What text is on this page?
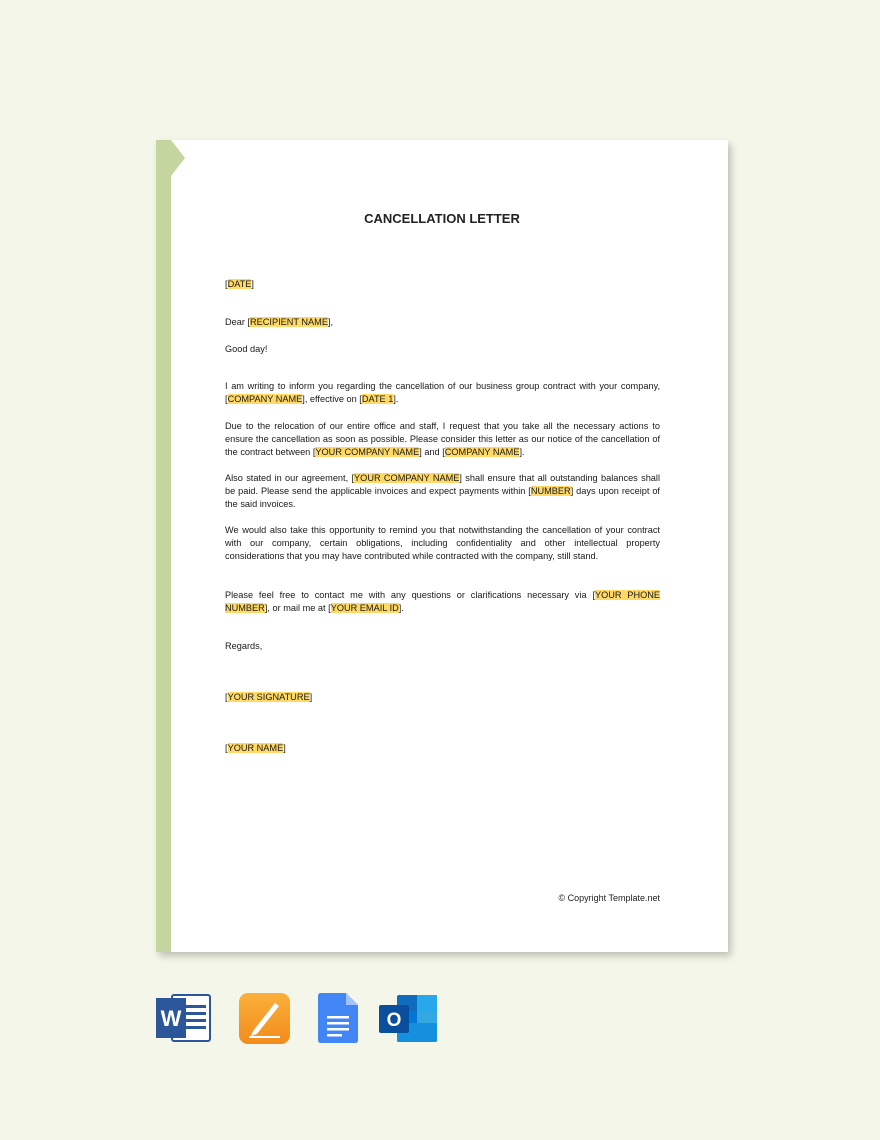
CANCELLATION LETTER
[DATE]
Dear [RECIPIENT NAME],
Good day!
I am writing to inform you regarding the cancellation of our business group contract with your company, [COMPANY NAME], effective on [DATE 1].
Due to the relocation of our entire office and staff, I request that you take all the necessary actions to ensure the cancellation as soon as possible. Please consider this letter as our notice of the cancellation of the contract between [YOUR COMPANY NAME] and [COMPANY NAME].
Also stated in our agreement, [YOUR COMPANY NAME] shall ensure that all outstanding balances shall be paid. Please send the applicable invoices and expect payments within [NUMBER] days upon receipt of the said invoices.
We would also take this opportunity to remind you that notwithstanding the cancellation of your contract with our company, certain obligations, including confidentiality and other intellectual property considerations that you may have contributed while contracted with the company, still stand.
Please feel free to contact me with any questions or clarifications necessary via [YOUR PHONE NUMBER], or mail me at [YOUR EMAIL ID].
Regards,
[YOUR SIGNATURE]
[YOUR NAME]
© Copyright Template.net
W	O
